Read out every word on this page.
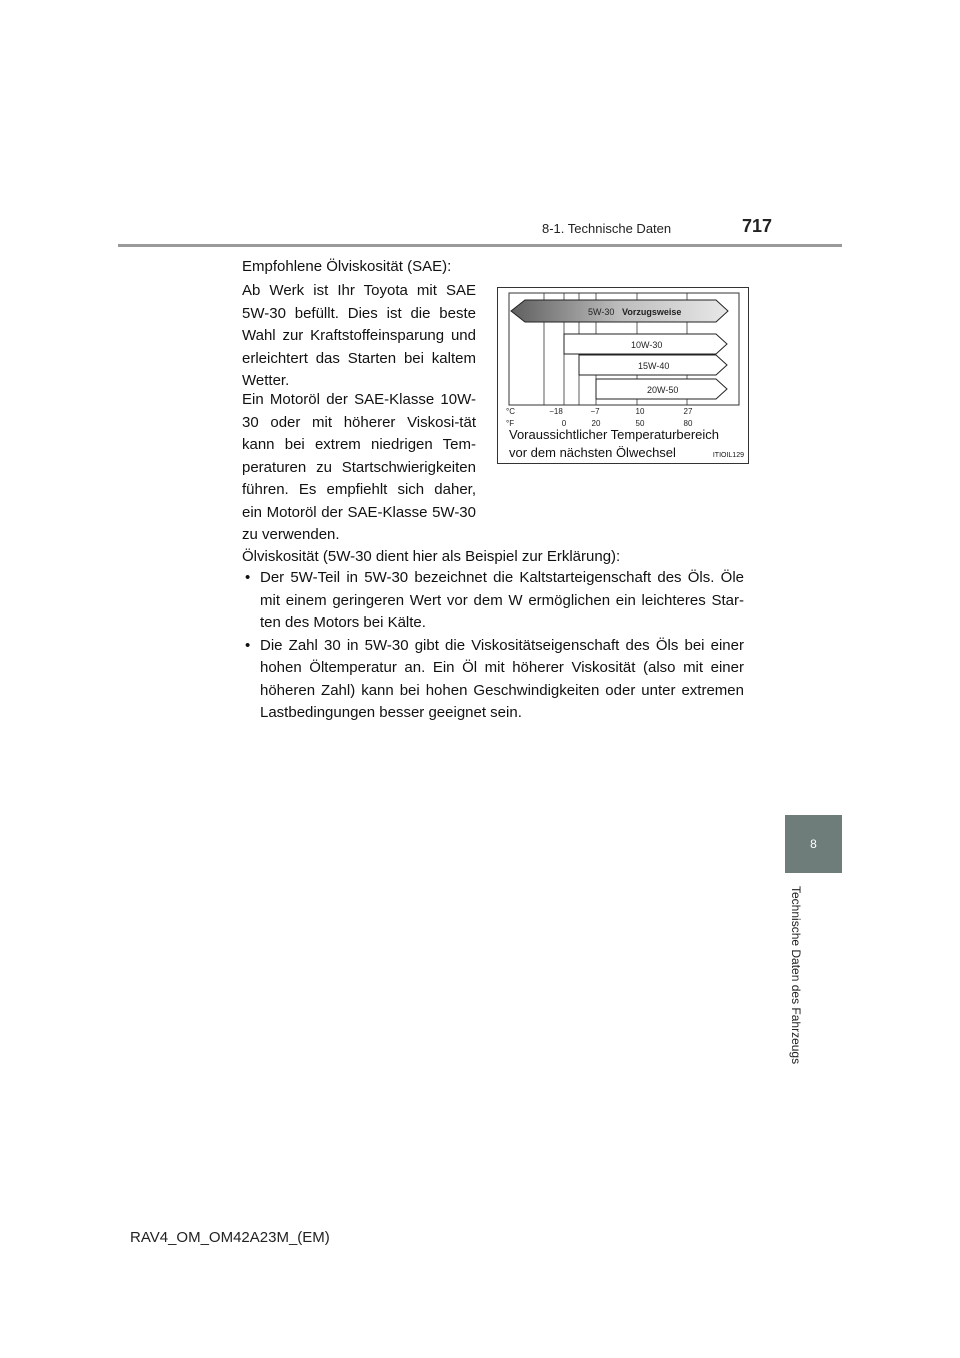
8-1. Technische Daten	717
8
Technische Daten des Fahrzeugs
Empfohlene Ölviskosität (SAE):
Ab Werk ist Ihr Toyota mit SAE 5W-30 befüllt. Dies ist die beste Wahl zur Kraftstoffeinsparung und erleichtert das Starten bei kaltem Wetter.
Ein Motoröl der SAE-Klasse 10W-30 oder mit höherer Viskosi-tät kann bei extrem niedrigen Tem-peraturen zu Startschwierigkeiten führen. Es empfiehlt sich daher, ein Motoröl der SAE-Klasse 5W-30 zu verwenden.
5W-30 Vorzugsweise
10W-30
15W-40
20W-50
°C
°F
−18	−7	10	27
0	20	50	80
Voraussichtlicher Temperaturbereich
vor dem nächsten Ölwechsel	ITIOIL129
Ölviskosität (5W-30 dient hier als Beispiel zur Erklärung):
• Der 5W-Teil in 5W-30 bezeichnet die Kaltstarteigenschaft des Öls. Öle mit einem geringeren Wert vor dem W ermöglichen ein leichteres Star-ten des Motors bei Kälte.
• Die Zahl 30 in 5W-30 gibt die Viskositätseigenschaft des Öls bei einer hohen Öltemperatur an. Ein Öl mit höherer Viskosität (also mit einer höheren Zahl) kann bei hohen Geschwindigkeiten oder unter extremen Lastbedingungen besser geeignet sein.
RAV4_OM_OM42A23M_(EM)
